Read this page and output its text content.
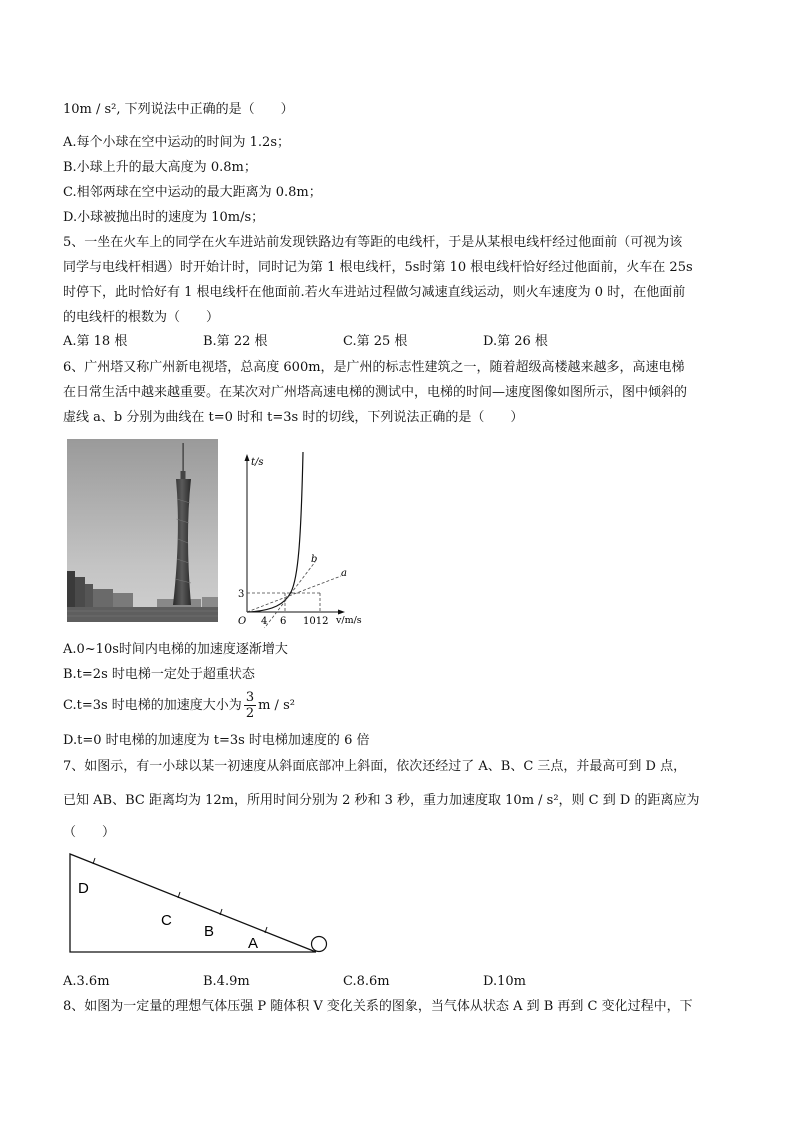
10m / s², 下列说法中正确的是（　　）
A.每个小球在空中运动的时间为 1.2s；
B.小球上升的最大高度为 0.8m；
C.相邻两球在空中运动的最大距离为 0.8m；
D.小球被抛出时的速度为 10m/s；
5、一坐在火车上的同学在火车进站前发现铁路边有等距的电线杆，于是从某根电线杆经过他面前（可视为该
同学与电线杆相遇）时开始计时，同时记为第 1 根电线杆，5s时第 10 根电线杆恰好经过他面前，火车在 25s
时停下，此时恰好有 1 根电线杆在他面前.若火车进站过程做匀减速直线运动，则火车速度为 0 时，在他面前
的电线杆的根数为（　　）
A.第 18 根	B.第 22 根	C.第 25 根	D.第 26 根
6、广州塔又称广州新电视塔，总高度 600m，是广州的标志性建筑之一，随着超级高楼越来越多，高速电梯
在日常生活中越来越重要。在某次对广州塔高速电梯的测试中，电梯的时间—速度图像如图所示，图中倾斜的
虚线 a、b 分别为曲线在 t=0 时和 t=3s 时的切线，下列说法正确的是（　　）
t/s
v/m/s
O
3
4 6 1012
a
b
A.0~10s时间内电梯的加速度逐渐增大
B.t=2s 时电梯一定处于超重状态
C.t=3s 时电梯的加速度大小为 $\frac{3}{2}$ m / s²
D.t=0 时电梯的加速度为 t=3s 时电梯加速度的 6 倍
7、如图示，有一小球以某一初速度从斜面底部冲上斜面，依次还经过了 A、B、C 三点，并最高可到 D 点，
已知 AB、BC 距离均为 12m，所用时间分别为 2 秒和 3 秒，重力加速度取 10m / s²，则 C 到 D 的距离应为
（　　）
D
C
B
A
A.3.6m	B.4.9m	C.8.6m	D.10m
8、如图为一定量的理想气体压强 P 随体积 V 变化关系的图象，当气体从状态 A 到 B 再到 C 变化过程中，下
